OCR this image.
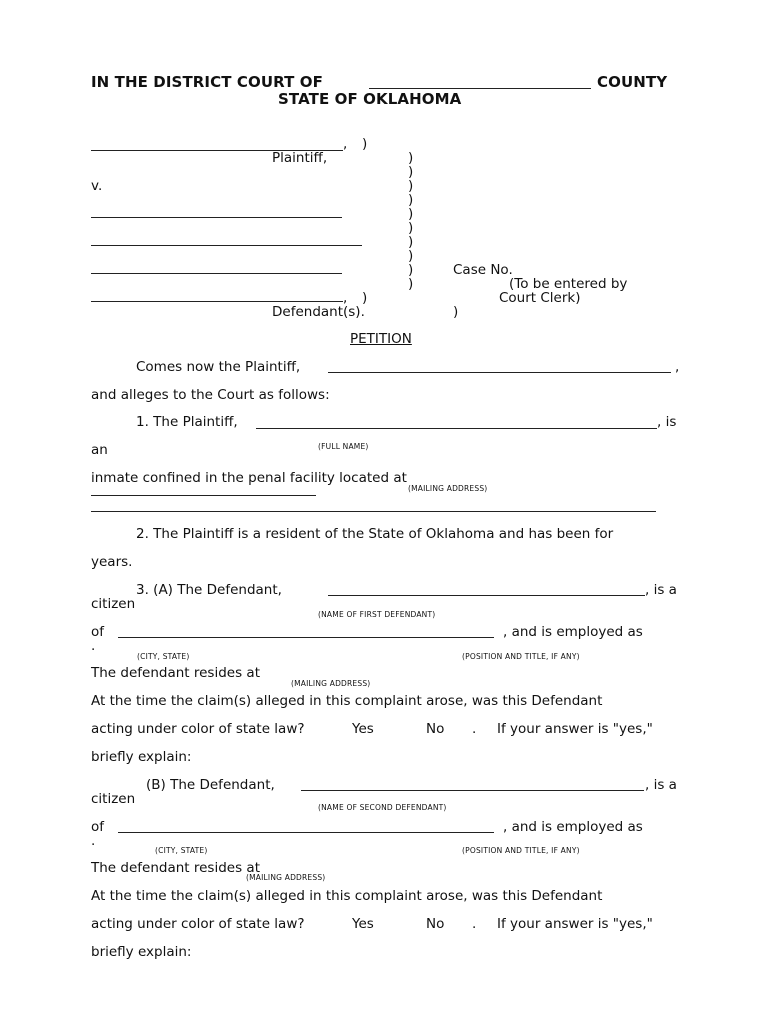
IN THE DISTRICT COURT OF	COUNTY
STATE OF OKLAHOMA
, )
Plaintiff,	)
)
v.	)
)
)
)
)
)
)	Case No.
)	(To be entered by
, )	Court Clerk)
Defendant(s).	)
PETITION
Comes now the Plaintiff,	,
and alleges to the Court as follows:
1. The Plaintiff,	, is
an	(FULL NAME)
inmate confined in the penal facility located at
(MAILING ADDRESS)
2. The Plaintiff is a resident of the State of Oklahoma and has been for
years.
3. (A) The Defendant,	, is a
citizen
(NAME OF FIRST DEFENDANT)
of	, and is employed as
.
(CITY, STATE)	(POSITION AND TITLE, IF ANY)
The defendant resides at
(MAILING ADDRESS)
At the time the claim(s) alleged in this complaint arose, was this Defendant
acting under color of state law?	Yes	No . If your answer is "yes,"
briefly explain:
(B) The Defendant,	, is a
citizen
(NAME OF SECOND DEFENDANT)
of	, and is employed as
.
(CITY, STATE)	(POSITION AND TITLE, IF ANY)
The defendant resides at
(MAILING ADDRESS)
At the time the claim(s) alleged in this complaint arose, was this Defendant
acting under color of state law?	Yes	No . If your answer is "yes,"
briefly explain:
